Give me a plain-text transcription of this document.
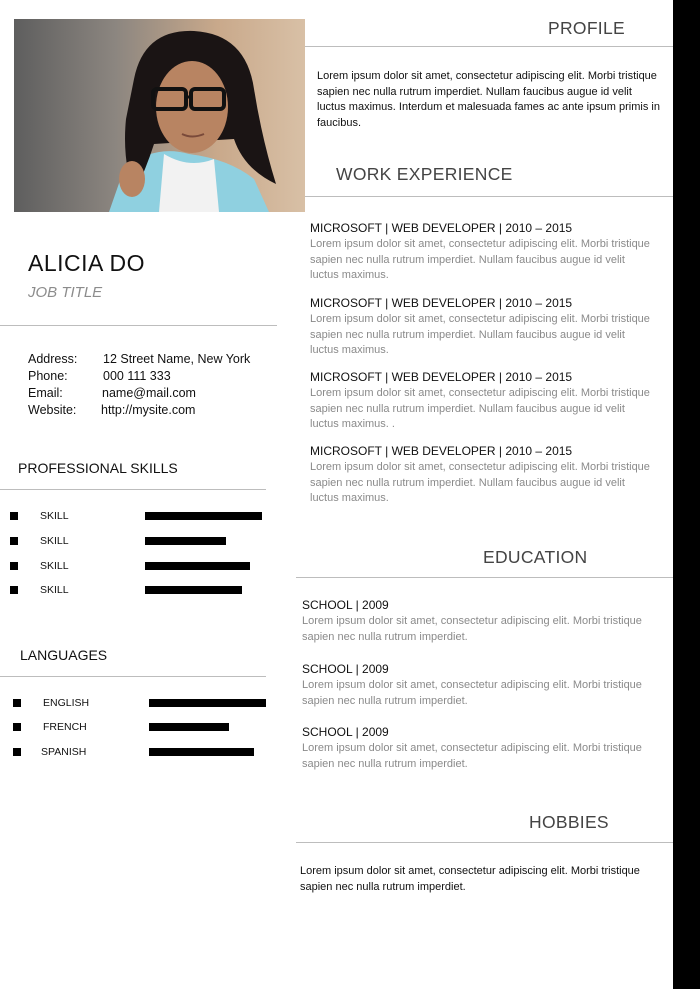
ALICIA DO
JOB TITLE
Address: 12 Street Name, New York
Phone:	000 111 333
Email:	name@mail.com
Website: http://mysite.com
PROFESSIONAL SKILLS
SKILL
SKILL
SKILL
SKILL
LANGUAGES
ENGLISH
FRENCH
SPANISH
PROFILE
Lorem ipsum dolor sit amet, consectetur adipiscing elit. Morbi tristique sapien nec nulla rutrum imperdiet. Nullam faucibus augue id velit luctus maximus. Interdum et malesuada fames ac ante ipsum primis in faucibus.
WORK EXPERIENCE
MICROSOFT | WEB DEVELOPER | 2010 – 2015
Lorem ipsum dolor sit amet, consectetur adipiscing elit. Morbi tristique sapien nec nulla rutrum imperdiet. Nullam faucibus augue id velit luctus maximus.
MICROSOFT | WEB DEVELOPER | 2010 – 2015
Lorem ipsum dolor sit amet, consectetur adipiscing elit. Morbi tristique sapien nec nulla rutrum imperdiet. Nullam faucibus augue id velit luctus maximus.
MICROSOFT | WEB DEVELOPER | 2010 – 2015
Lorem ipsum dolor sit amet, consectetur adipiscing elit. Morbi tristique sapien nec nulla rutrum imperdiet. Nullam faucibus augue id velit luctus maximus. .
MICROSOFT | WEB DEVELOPER | 2010 – 2015
Lorem ipsum dolor sit amet, consectetur adipiscing elit. Morbi tristique sapien nec nulla rutrum imperdiet. Nullam faucibus augue id velit luctus maximus.
EDUCATION
SCHOOL | 2009
Lorem ipsum dolor sit amet, consectetur adipiscing elit. Morbi tristique sapien nec nulla rutrum imperdiet.
SCHOOL | 2009
Lorem ipsum dolor sit amet, consectetur adipiscing elit. Morbi tristique sapien nec nulla rutrum imperdiet.
SCHOOL | 2009
Lorem ipsum dolor sit amet, consectetur adipiscing elit. Morbi tristique sapien nec nulla rutrum imperdiet.
HOBBIES
Lorem ipsum dolor sit amet, consectetur adipiscing elit. Morbi tristique sapien nec nulla rutrum imperdiet.
